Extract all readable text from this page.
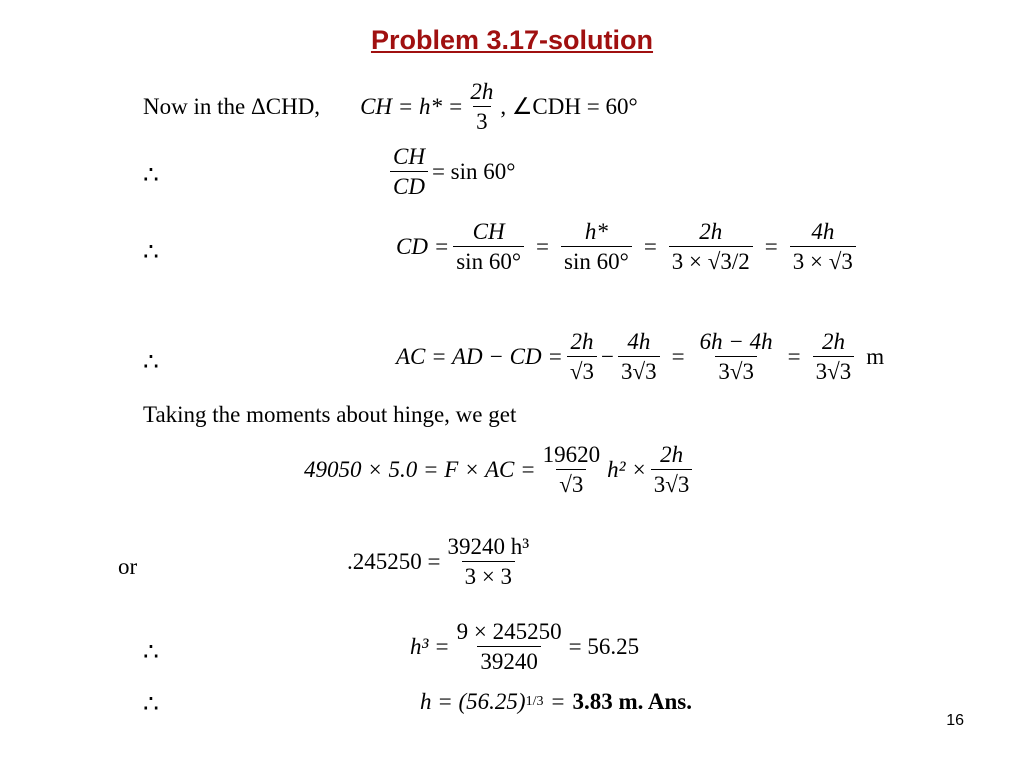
Problem 3.17-solution
Now in the ΔCHD, CH = $h* = \frac{2h}{3}$ , ∠CDH = 60°
∴	$\frac{CH}{CD} = \sin 60^\circ$
∴	CD = $\frac{CH}{\sin 60^\circ} = \frac{h*}{\sin 60^\circ} = \frac{2h}{3 \times √3/2} = \frac{4h}{3 \times √3}$
∴	AC = AD − CD = $\frac{2h}{√3} - \frac{4h}{3√3} = \frac{6h - 4h}{3√3} = \frac{2h}{3√3}$ m
Taking the moments about hinge, we get
49050 × 5.0 = F × AC = $\frac{19620}{√3} h^2 \times \frac{2h}{3√3}$
or	$.245250 = \frac{\text{39240 h³}}{3 \times 3}$
∴	$h^3 = \frac{9 \times 245250}{39240} = 56.25$
∴	h = (56.25) 1/3 = 3.83 m. Ans.
16
